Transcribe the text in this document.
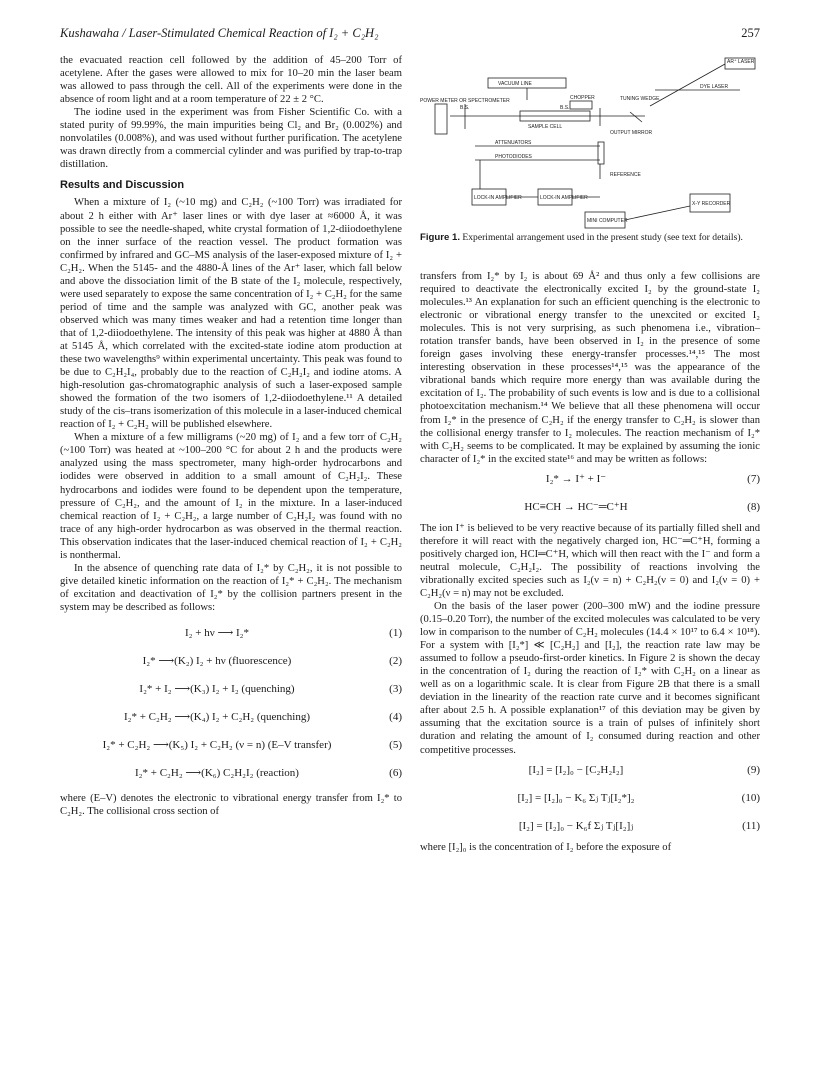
Kushawaha / Laser-Stimulated Chemical Reaction of I₂ + C₂H₂	257

the evacuated reaction cell followed by the addition of 45–200 Torr of acetylene. After the gases were allowed to mix for 10–20 min the laser beam was allowed to pass through the cell. All of the experiments were done in the absence of room light and at a room temperature of 22 ± 2 °C.

The iodine used in the experiment was from Fisher Scientific Co. with a stated purity of 99.99%, the main impurities being Cl₂ and Br₂ (0.002%) and nonvolatiles (0.008%), and was used without further purification. The acetylene was drawn directly from a commercial cylinder and was purified by trap-to-trap distillation.

Results and Discussion

When a mixture of I₂ (~10 mg) and C₂H₂ (~100 Torr) was irradiated for about 2 h either with Ar⁺ laser lines or with dye laser at ≈6000 Å, it was possible to see the needle-shaped, white crystal formation of 1,2-diiodoethylene on the inner surface of the reaction vessel. The product formation was confirmed by infrared and GC–MS analysis of the laser-exposed mixture of I₂ + C₂H₂. When the 5145- and the 4880-Å lines of the Ar⁺ laser, which fall below and above the dissociation limit of the B state of the I₂ molecule, respectively, were used separately to expose the same concentration of I₂ + C₂H₂ for the same period of time and the sample was analyzed with GC, another peak was observed which was many times weaker and had a retention time longer than that of 1,2-diiodoethylene. The intensity of this peak was higher at 4880 Å than at 5145 Å, which correlated with the excited-state iodine atom production at these two wavelengths⁹ within experimental uncertainty. This peak was found to be due to C₂H₂I₄, probably due to the reaction of C₂H₂I₂ and iodine atoms. A high-resolution gas-chromatographic analysis of such a laser-exposed sample showed the formation of the two isomers of 1,2-diiodoethylene.¹¹ A detailed study of the cis–trans isomerization of this molecule in a laser-induced chemical reaction of I₂ + C₂H₂ will be published elsewhere.

When a mixture of a few milligrams (~20 mg) of I₂ and a few torr of C₂H₂ (~100 Torr) was heated at ~100–200 °C for about 2 h and the products were analyzed using the mass spectrometer, many high-order hydrocarbons and iodides were observed in addition to a small amount of C₂H₂I₂. These hydrocarbons and iodides were found to be dependent upon the temperature, pressure of C₂H₂, and the amount of I₂ in the mixture. In a laser-induced chemical reaction of I₂ + C₂H₂, a large number of C₂H₂I₂ was found with no trace of any high-order hydrocarbon as was observed in the thermal reaction. This observation indicates that the laser-induced chemical reaction of I₂ + C₂H₂ is nonthermal.

In the absence of quenching rate data of I₂* by C₂H₂, it is not possible to give detailed kinetic information on the reaction of I₂* + C₂H₂. The mechanism of excitation and deactivation of I₂* by the collision partners present in the system may be described as follows:

I₂ + hν ⟶ I₂*	(1)
I₂* ⟶(K₂) I₂ + hν (fluorescence)	(2)
I₂* + I₂ ⟶(K₃) I₂ + I₂ (quenching)	(3)
I₂* + C₂H₂ ⟶(K₄) I₂ + C₂H₂ (quenching)	(4)
I₂* + C₂H₂ ⟶(K₅) I₂ + C₂H₂ (ν = n) (E–V transfer)	(5)
I₂* + C₂H₂ ⟶(K₆) C₂H₂I₂ (reaction)	(6)

where (E–V) denotes the electronic to vibrational energy transfer from I₂* to C₂H₂. The collisional cross section of

AR⁺ LASER
DYE LASER
VACUUM LINE
CHOPPER	TUNING WEDGE
POWER METER OR SPECTROMETER
B.S.	B.S.
SAMPLE CELL
OUTPUT MIRROR
ATTENUATORS
PHOTODIODES
REFERENCE
LOCK-IN AMPLIFIER	LOCK-IN AMPLIFIER
X-Y RECORDER
MINI COMPUTER
Figure 1. Experimental arrangement used in the present study (see text for details).

transfers from I₂* by I₂ is about 69 Å² and thus only a few collisions are required to deactivate the electronically excited I₂ by the ground-state I₂ molecules.¹³ An explanation for such an efficient quenching is the electronic to electronic or vibrational energy transfer to the unexcited or excited I₂ molecules. This is not very surprising, as such phenomena i.e., vibration–rotation transfer bands, have been observed in I₂ in the presence of some foreign gases involving these energy-transfer processes.¹⁴,¹⁵ The most interesting observation in these processes¹⁴,¹⁵ was the appearance of the vibrational bands which require more energy than was available during the excitation of I₂. The probability of such events is low and is due to a collisional photoexcitation mechanism.¹⁴ We believe that all these phenomena will occur from I₂* in the presence of C₂H₂ if the energy transfer to C₂H₂ is slower than the collisional energy transfer to I₂ molecules. The reaction mechanism of I₂* with C₂H₂ seems to be complicated. It may be explained by assuming the ionic character of I₂* in the excited state¹⁶ and may be written as follows:

I₂* → I⁺ + I⁻	(7)
HC≡CH → HC⁻═C⁺H	(8)

The ion I⁺ is believed to be very reactive because of its partially filled shell and therefore it will react with the negatively charged ion, HC⁻═C⁺H, forming a positively charged ion, HCI═C⁺H, which will then react with the I⁻ and form a neutral molecule, C₂H₂I₂. The possibility of reactions involving the vibrationally excited species such as I₂(ν = n) + C₂H₂(ν = 0) and I₂(ν = 0) + C₂H₂(ν = n) may not be excluded.

On the basis of the laser power (200–300 mW) and the iodine pressure (0.15–0.20 Torr), the number of the excited molecules was calculated to be very low in comparison to the number of C₂H₂ molecules (14.4 × 10¹⁷ to 6.4 × 10¹⁸). For a system with [I₂*] ≪ [C₂H₂] and [I₂], the reaction rate law may be assumed to follow a pseudo-first-order kinetics. In Figure 2 is shown the decay in the concentration of I₂ during the reaction of I₂* with C₂H₂ on a linear as well as on a logarithmic scale. It is clear from Figure 2B that there is a small deviation in the linearity of the reaction rate curve and it becomes significant after about 2.5 h. A possible explanation¹⁷ of this deviation may be given by assuming that the excitation source is a train of pulses of infinitely short duration and relating the amount of I₂ consumed during reaction and other competitive processes.

[I₂] = [I₂]₀ − [C₂H₂I₂]	(9)
[I₂] = [I₂]₀ − K₆ Σⱼ Tⱼ[I₂*]₂	(10)
[I₂] = [I₂]₀ − K₆f Σⱼ Tⱼ[I₂]ⱼ	(11)

where [I₂]₀ is the concentration of I₂ before the exposure of
